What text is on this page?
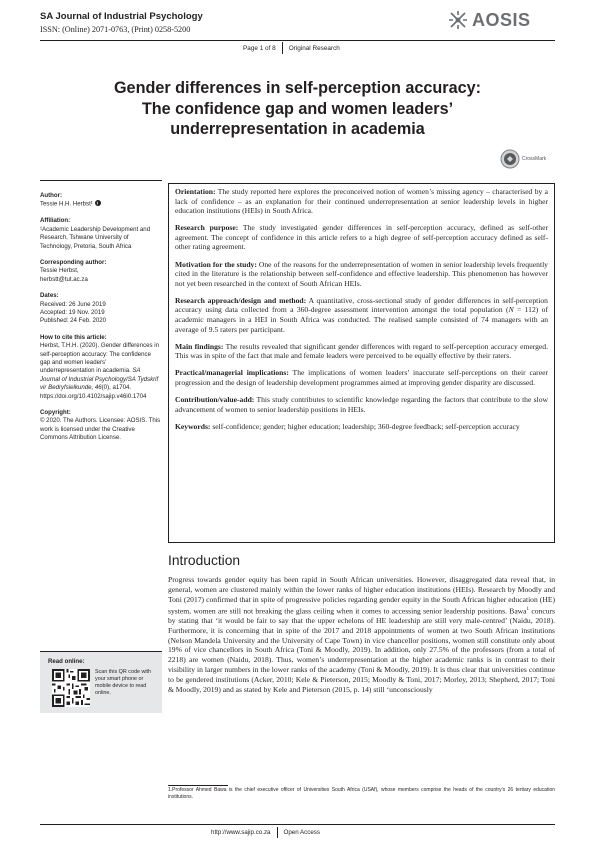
SA Journal of Industrial Psychology
ISSN: (Online) 2071-0763, (Print) 0258-5200	AOSIS
Page 1 of 8 Original Research
Gender differences in self-perception accuracy:
The confidence gap and women leaders’
underrepresentation in academia
CrossMark
Author:
Tessie H.H. Herbst¹
Affiliation:
¹Academic Leadership Development and Research, Tshwane University of Technology, Pretoria, South Africa
Corresponding author:
Tessie Herbst,
herbstt@tut.ac.za
Dates:
Received: 26 June 2019
Accepted: 19 Nov. 2019
Published: 24 Feb. 2020
How to cite this article:
Herbst, T.H.H. (2020). Gender differences in self-perception accuracy: The confidence gap and women leaders’ underrepresentation in academia. SA Journal of Industrial Psychology/SA Tydskrif vir Bedryfsielkunde, 46(0), a1704. https://doi.org/10.4102/sajip.v46i0.1704
Copyright:
© 2020. The Authors. Licensee: AOSIS. This work is licensed under the Creative Commons Attribution License.
Read online:
Scan this QR code with your smart phone or mobile device to read online.

Orientation: The study reported here explores the preconceived notion of women’s missing agency – characterised by a lack of confidence – as an explanation for their continued underrepresentation at senior leadership levels in higher education institutions (HEIs) in South Africa.

Research purpose: The study investigated gender differences in self-perception accuracy, defined as self-other agreement. The concept of confidence in this article refers to a high degree of self-perception accuracy defined as self-other rating agreement.

Motivation for the study: One of the reasons for the underrepresentation of women in senior leadership levels frequently cited in the literature is the relationship between self-confidence and effective leadership. This phenomenon has however not yet been researched in the context of South African HEIs.

Research approach/design and method: A quantitative, cross-sectional study of gender differences in self-perception accuracy using data collected from a 360-degree assessment intervention amongst the total population (N = 112) of academic managers in a HEI in South Africa was conducted. The realised sample consisted of 74 managers with an average of 9.5 raters per participant.

Main findings: The results revealed that significant gender differences with regard to self-perception accuracy emerged. This was in spite of the fact that male and female leaders were perceived to be equally effective by their raters.

Practical/managerial implications: The implications of women leaders’ inaccurate self-perceptions on their career progression and the design of leadership development programmes aimed at improving gender disparity are discussed.

Contribution/value-add: This study contributes to scientific knowledge regarding the factors that contribute to the slow advancement of women to senior leadership positions in HEIs.

Keywords: self-confidence; gender; higher education; leadership; 360-degree feedback; self-perception accuracy

Introduction
Progress towards gender equity has been rapid in South African universities. However, disaggregated data reveal that, in general, women are clustered mainly within the lower ranks of higher education institutions (HEIs). Research by Moodly and Toni (2017) confirmed that in spite of progressive policies regarding gender equity in the South African higher education (HE) system, women are still not breaking the glass ceiling when it comes to accessing senior leadership positions. Bawa$^1$ concurs by stating that ‘it would be fair to say that the upper echelons of HE leadership are still very male-centred’ (Naidu, 2018). Furthermore, it is concerning that in spite of the 2017 and 2018 appointments of women at two South African institutions (Nelson Mandela University and the University of Cape Town) in vice chancellor positions, women still constitute only about 19% of vice chancellors in South Africa (Toni & Moodly, 2019). In addition, only 27.5% of the professors (from a total of 2218) are women (Naidu, 2018). Thus, women’s underrepresentation at the higher academic ranks is in contrast to their visibility in larger numbers in the lower ranks of the academy (Toni & Moodly, 2019). It is thus clear that universities continue to be gendered institutions (Acker, 2010; Kele & Pieterson, 2015; Moodly & Toni, 2017; Morley, 2013; Shepherd, 2017; Toni & Moodly, 2019) and as stated by Kele and Pieterson (2015, p. 14) still ‘unconsciously
1.Professor Ahmed Bawa is the chief executive officer of Universities South Africa (USAf), whose members comprise the heads of the country’s 26 tertiary education institutions.
http://www.sajip.co.za Open Access
